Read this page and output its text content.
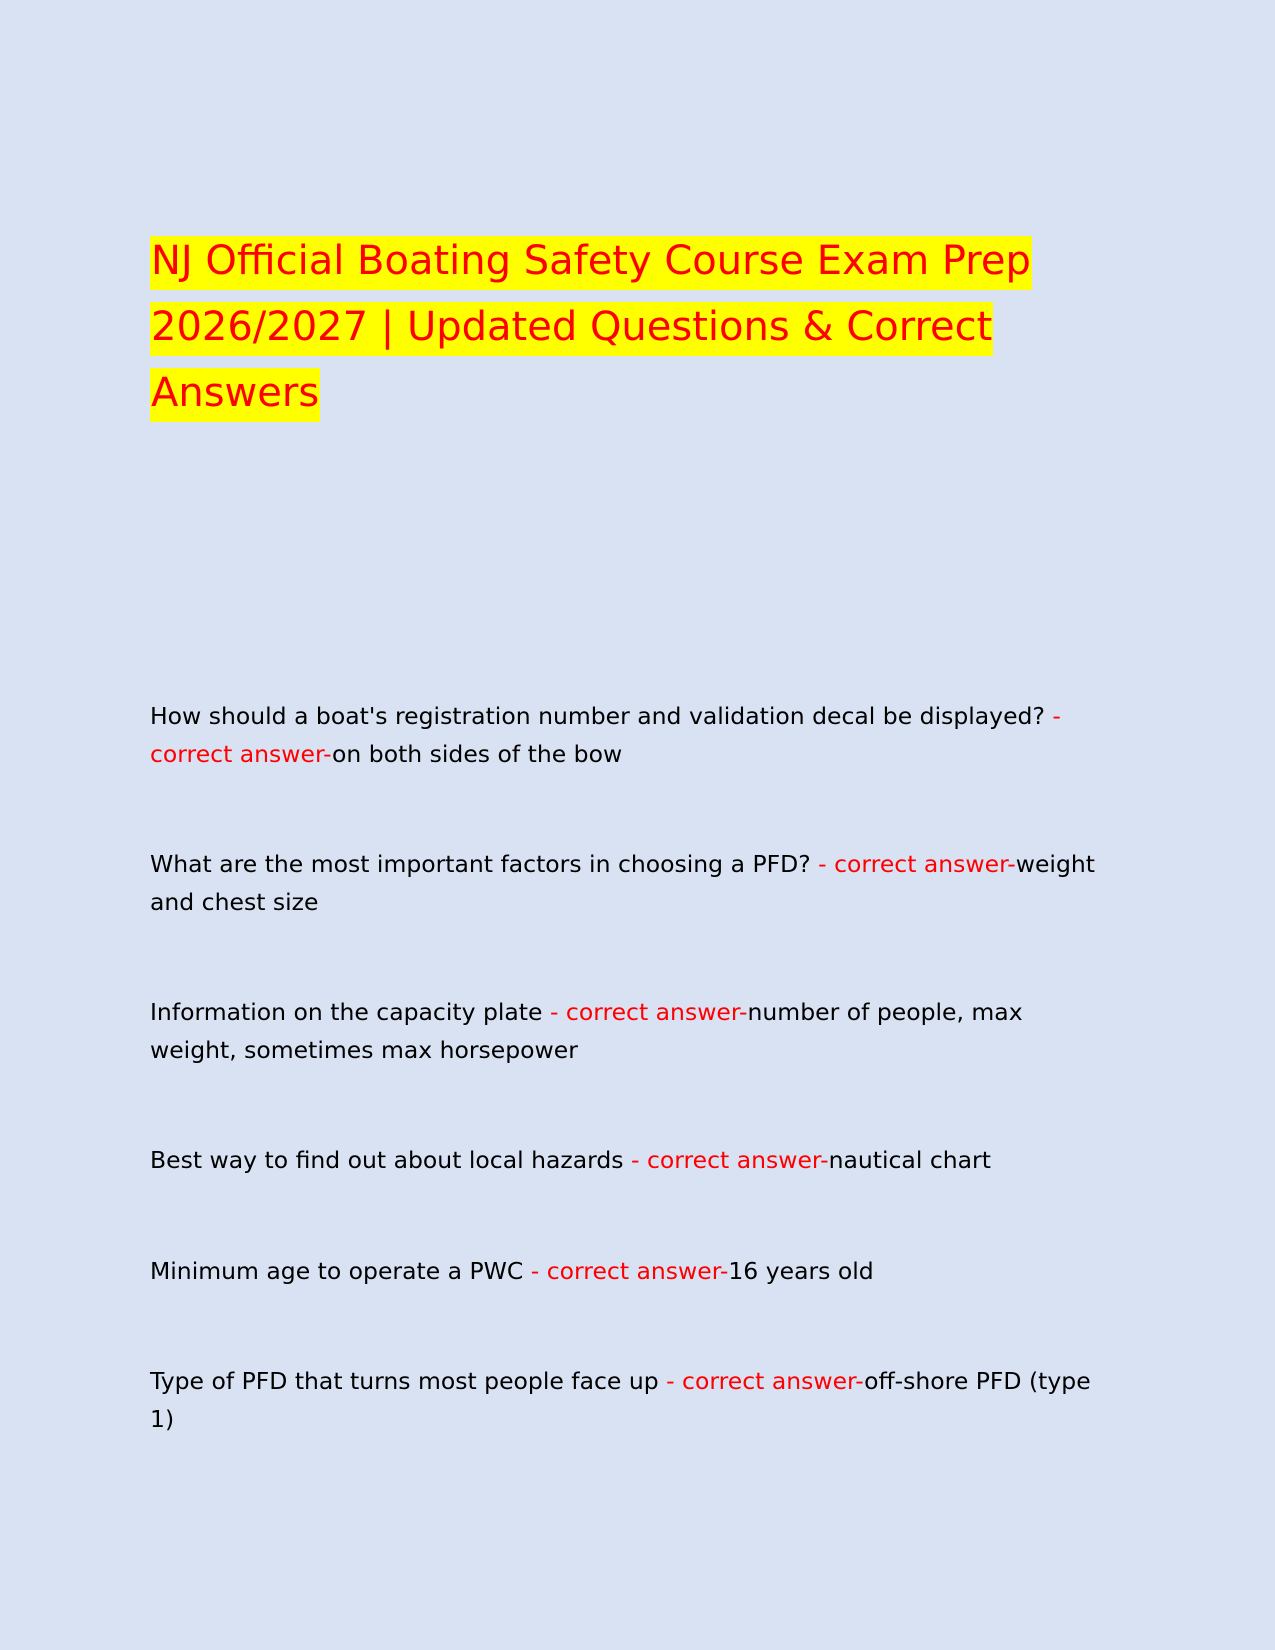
NJ Official Boating Safety Course Exam Prep 2026/2027 | Updated Questions & Correct Answers

How should a boat's registration number and validation decal be displayed? - correct answer-on both sides of the bow

What are the most important factors in choosing a PFD? - correct answer-weight and chest size

Information on the capacity plate - correct answer-number of people, max weight, sometimes max horsepower

Best way to find out about local hazards - correct answer-nautical chart

Minimum age to operate a PWC - correct answer-16 years old

Type of PFD that turns most people face up - correct answer-off-shore PFD (type 1)
